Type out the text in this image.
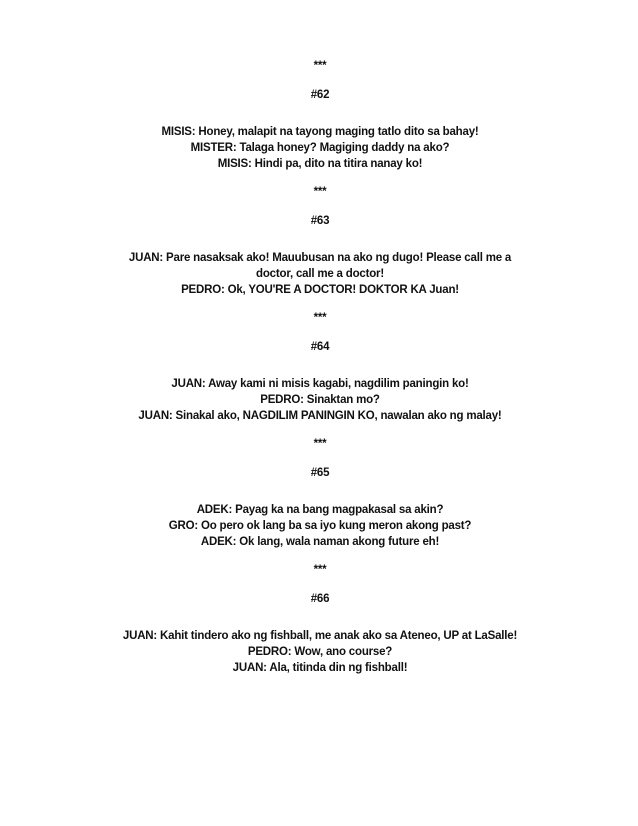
***
#62
MISIS: Honey, malapit na tayong maging tatlo dito sa bahay!
MISTER: Talaga honey? Magiging daddy na ako?
MISIS: Hindi pa, dito na titira nanay ko!
***
#63
JUAN: Pare nasaksak ako! Mauubusan na ako ng dugo! Please call me a
doctor, call me a doctor!
PEDRO: Ok, YOU'RE A DOCTOR! DOKTOR KA Juan!
***
#64
JUAN: Away kami ni misis kagabi, nagdilim paningin ko!
PEDRO: Sinaktan mo?
JUAN: Sinakal ako, NAGDILIM PANINGIN KO, nawalan ako ng malay!
***
#65
ADEK: Payag ka na bang magpakasal sa akin?
GRO: Oo pero ok lang ba sa iyo kung meron akong past?
ADEK: Ok lang, wala naman akong future eh!
***
#66
JUAN: Kahit tindero ako ng fishball, me anak ako sa Ateneo, UP at LaSalle!
PEDRO: Wow, ano course?
JUAN: Ala, titinda din ng fishball!
